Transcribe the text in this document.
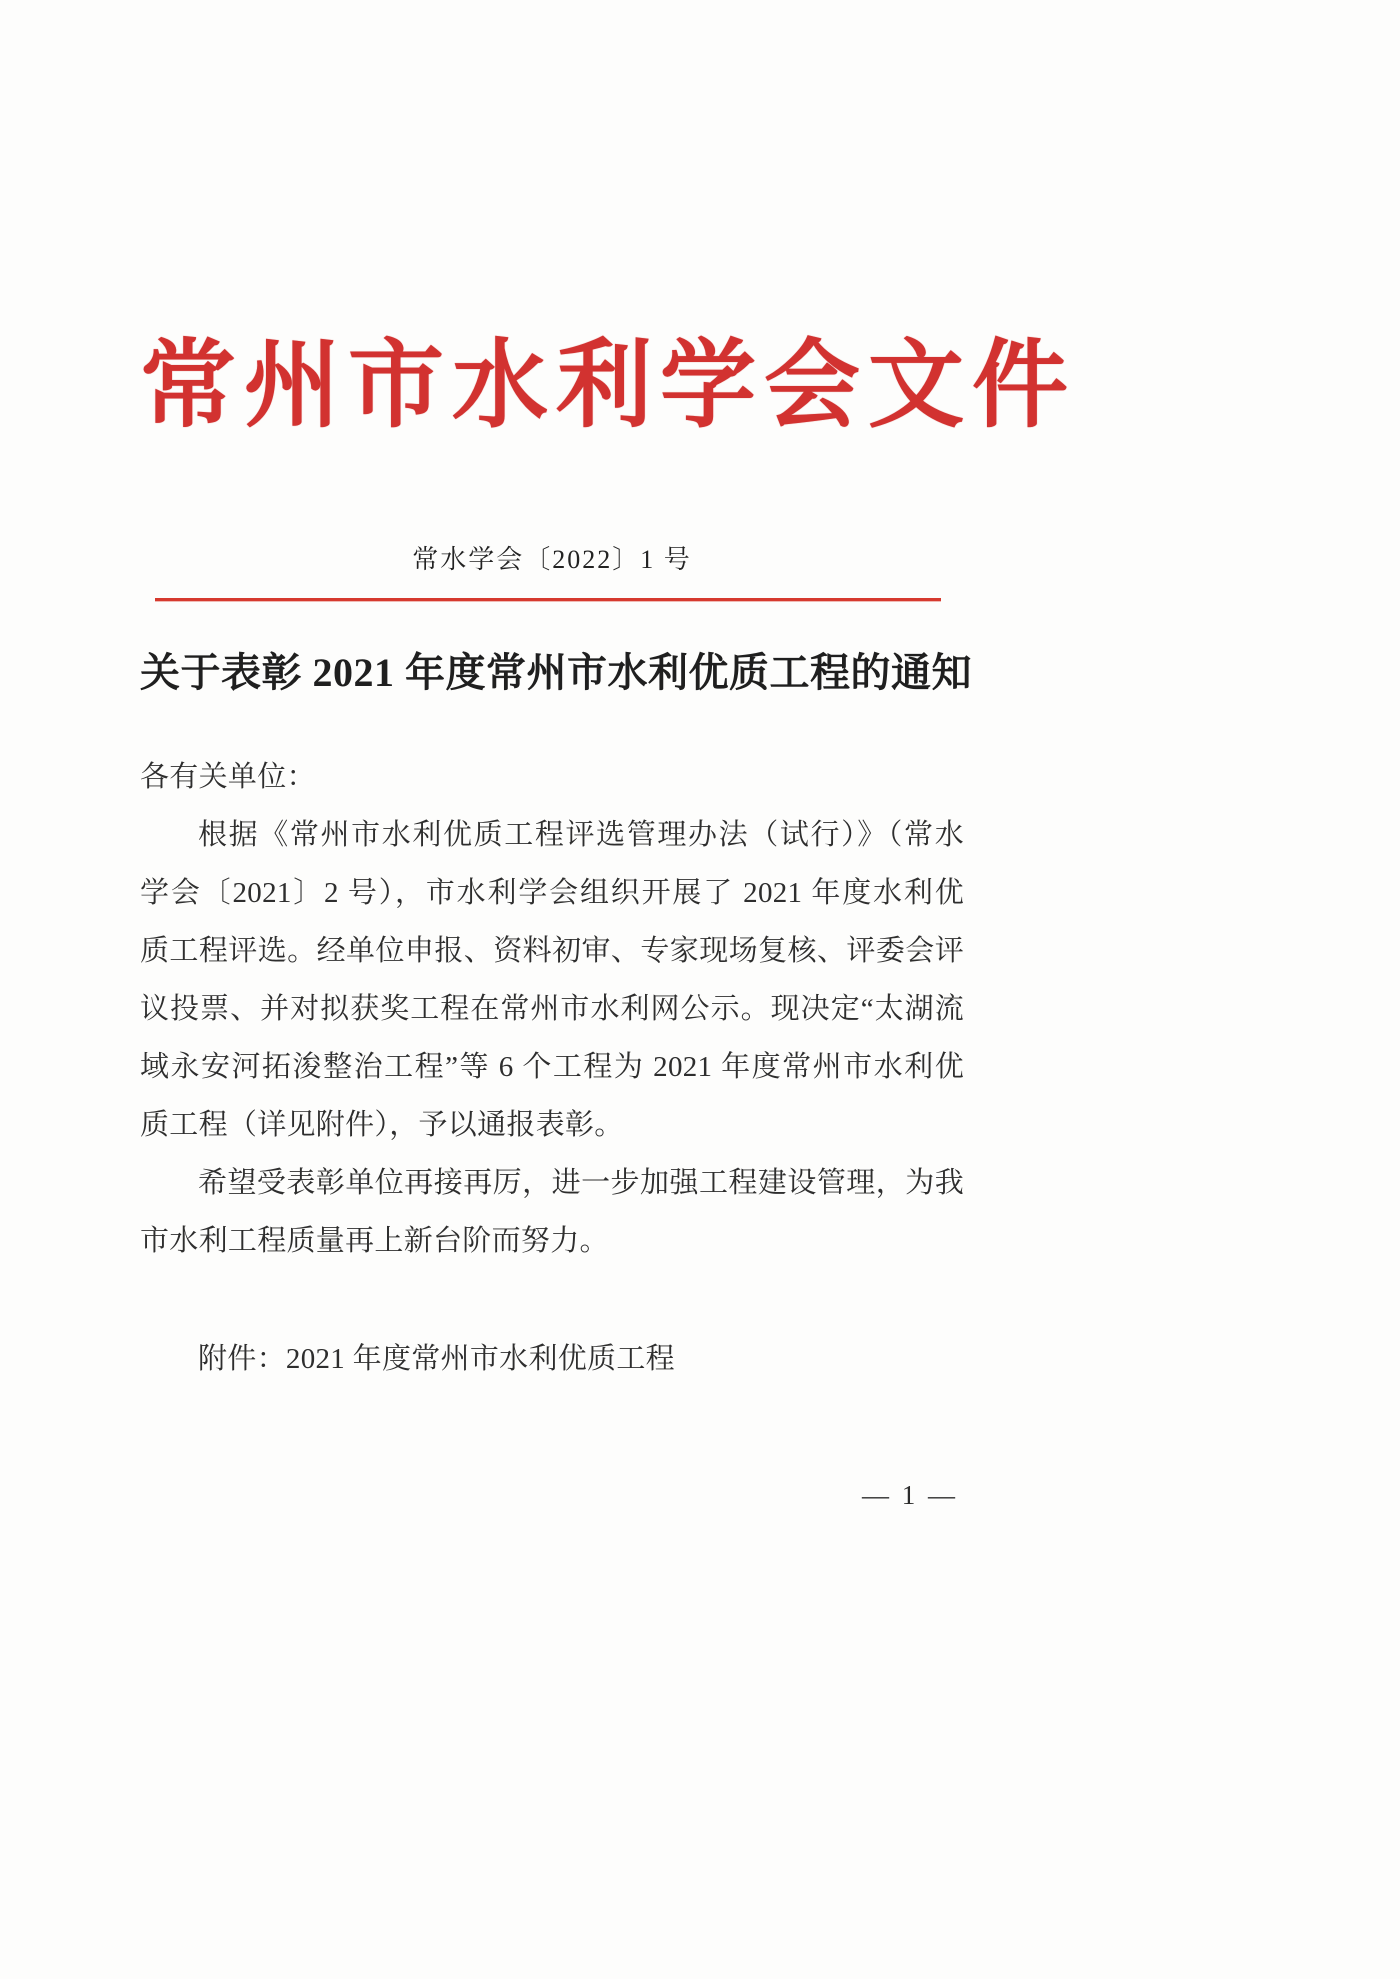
常州市水利学会文件
常水学会〔2022〕1 号
关于表彰 2021 年度常州市水利优质工程的通知
各有关单位：
根据《常州市水利优质工程评选管理办法（试行）》（常水
学会〔2021〕2 号），市水利学会组织开展了 2021 年度水利优
质工程评选。经单位申报、资料初审、专家现场复核、评委会评
议投票、并对拟获奖工程在常州市水利网公示。现决定“太湖流
域永安河拓浚整治工程”等 6 个工程为 2021 年度常州市水利优
质工程（详见附件），予以通报表彰。
希望受表彰单位再接再厉，进一步加强工程建设管理，为我
市水利工程质量再上新台阶而努力。
附件：2021 年度常州市水利优质工程
— 1 —
